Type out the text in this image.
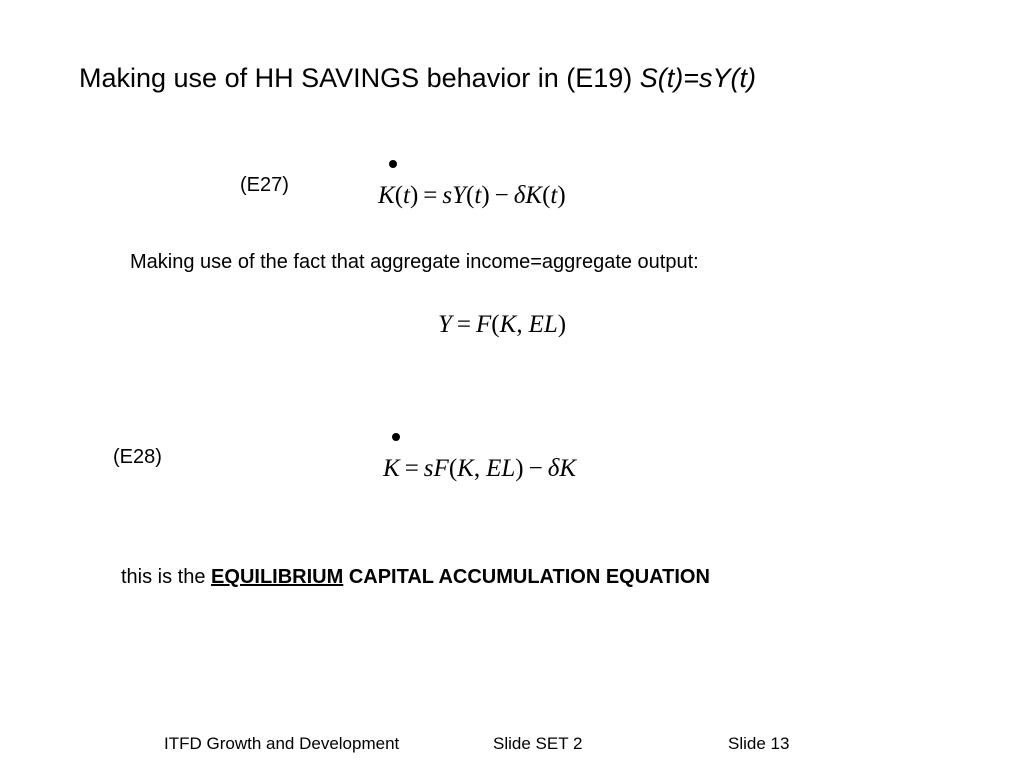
Making use of HH SAVINGS behavior in (E19) S(t)=sY(t)
(E27)	K(t) = sY(t) − δK(t)
Making use of the fact that aggregate income=aggregate output:
Y = F(K, EL)
(E28)	K = sF(K, EL) − δK
this is the EQUILIBRIUM CAPITAL ACCUMULATION EQUATION
ITFD Growth and Development	Slide SET 2	Slide 13
